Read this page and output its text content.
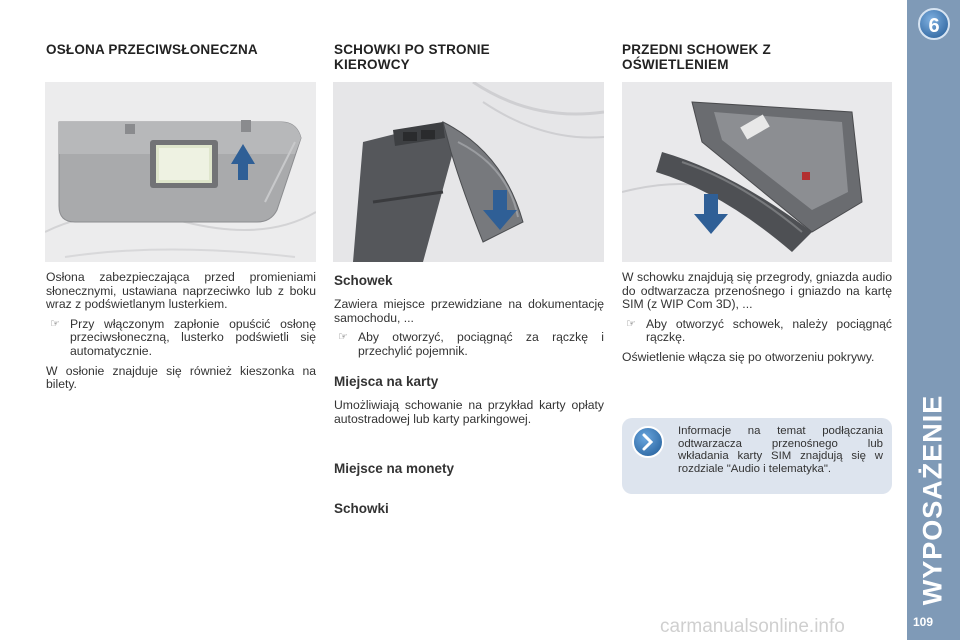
OSŁONA PRZECIWSŁONECZNA

Osłona zabezpieczająca przed promieniami słonecznymi, ustawiana naprzeciwko lub z boku wraz z podświetlanym lusterkiem.

☞ Przy włączonym zapłonie opuścić osłonę przeciwsłoneczną, lusterko podświetli się automatycznie.

W osłonie znajduje się również kieszonka na bilety.

SCHOWKI PO STRONIE KIEROWCY
Schowek

Zawiera miejsce przewidziane na dokumentację samochodu, ...

☞ Aby otworzyć, pociągnąć za rączkę i przechylić pojemnik.
Miejsca na karty

Umożliwiają schowanie na przykład karty opłaty autostradowej lub karty parkingowej.

Miejsce na monety
Schowki
PRZEDNI SCHOWEK Z OŚWIETLENIEM

W schowku znajdują się przegrody, gniazda audio do odtwarzacza przenośnego i gniazdo na kartę SIM (z WIP Com 3D), ...

☞ Aby otworzyć schowek, należy pociągnąć rączkę.

Oświetlenie włącza się po otworzeniu pokrywy.

Informacje na temat podłączania odtwarzacza przenośnego lub wkładania karty SIM znajdują się w rozdziale "Audio i telematyka".
6
WYPOSAŻENIE
109
carmanualsonline.info
